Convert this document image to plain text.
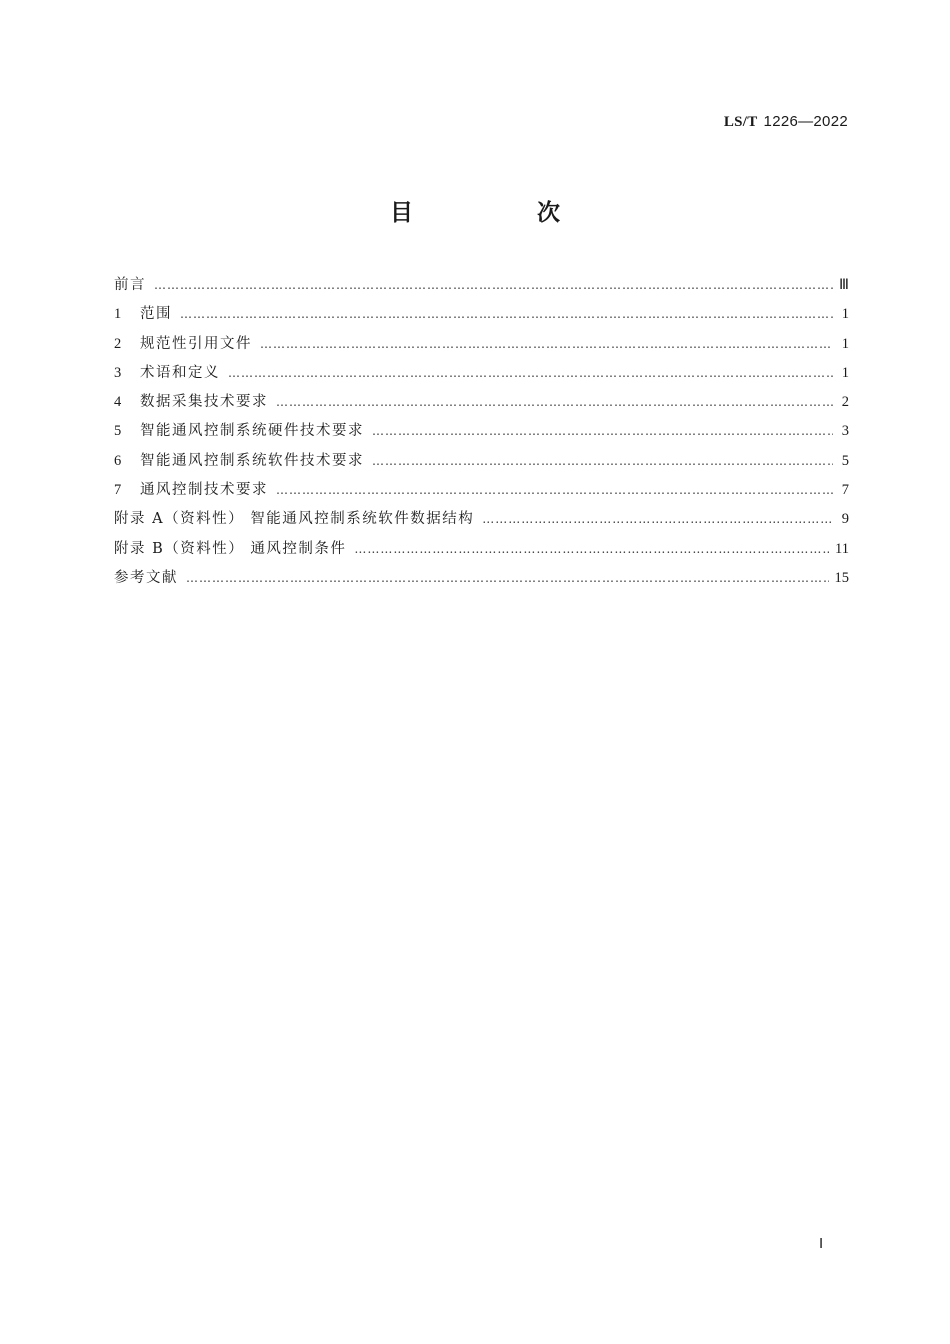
LS/T 1226—2022
目 次
前言 …………………………………………………………………………………………………………………………………………………………………………………………………………………	Ⅲ
1	范围 …………………………………………………………………………………………………………………………………………………………………………………………………………………	1
2	规范性引用文件 …………………………………………………………………………………………………………………………………………………………………………………………………………………	1
3	术语和定义 …………………………………………………………………………………………………………………………………………………………………………………………………………………	1
4	数据采集技术要求 …………………………………………………………………………………………………………………………………………………………………………………………………………………	2
5	智能通风控制系统硬件技术要求 …………………………………………………………………………………………………………………………………………………………………………………………………………………	3
6	智能通风控制系统软件技术要求 …………………………………………………………………………………………………………………………………………………………………………………………………………………	5
7	通风控制技术要求 …………………………………………………………………………………………………………………………………………………………………………………………………………………	7
附录 A（资料性） 智能通风控制系统软件数据结构 …………………………………………………………………………………………………………………………………………………………………………………………………………………	9
附录 B（资料性） 通风控制条件 …………………………………………………………………………………………………………………………………………………………………………………………………………………	11
参考文献 …………………………………………………………………………………………………………………………………………………………………………………………………………………	15
Ⅰ
